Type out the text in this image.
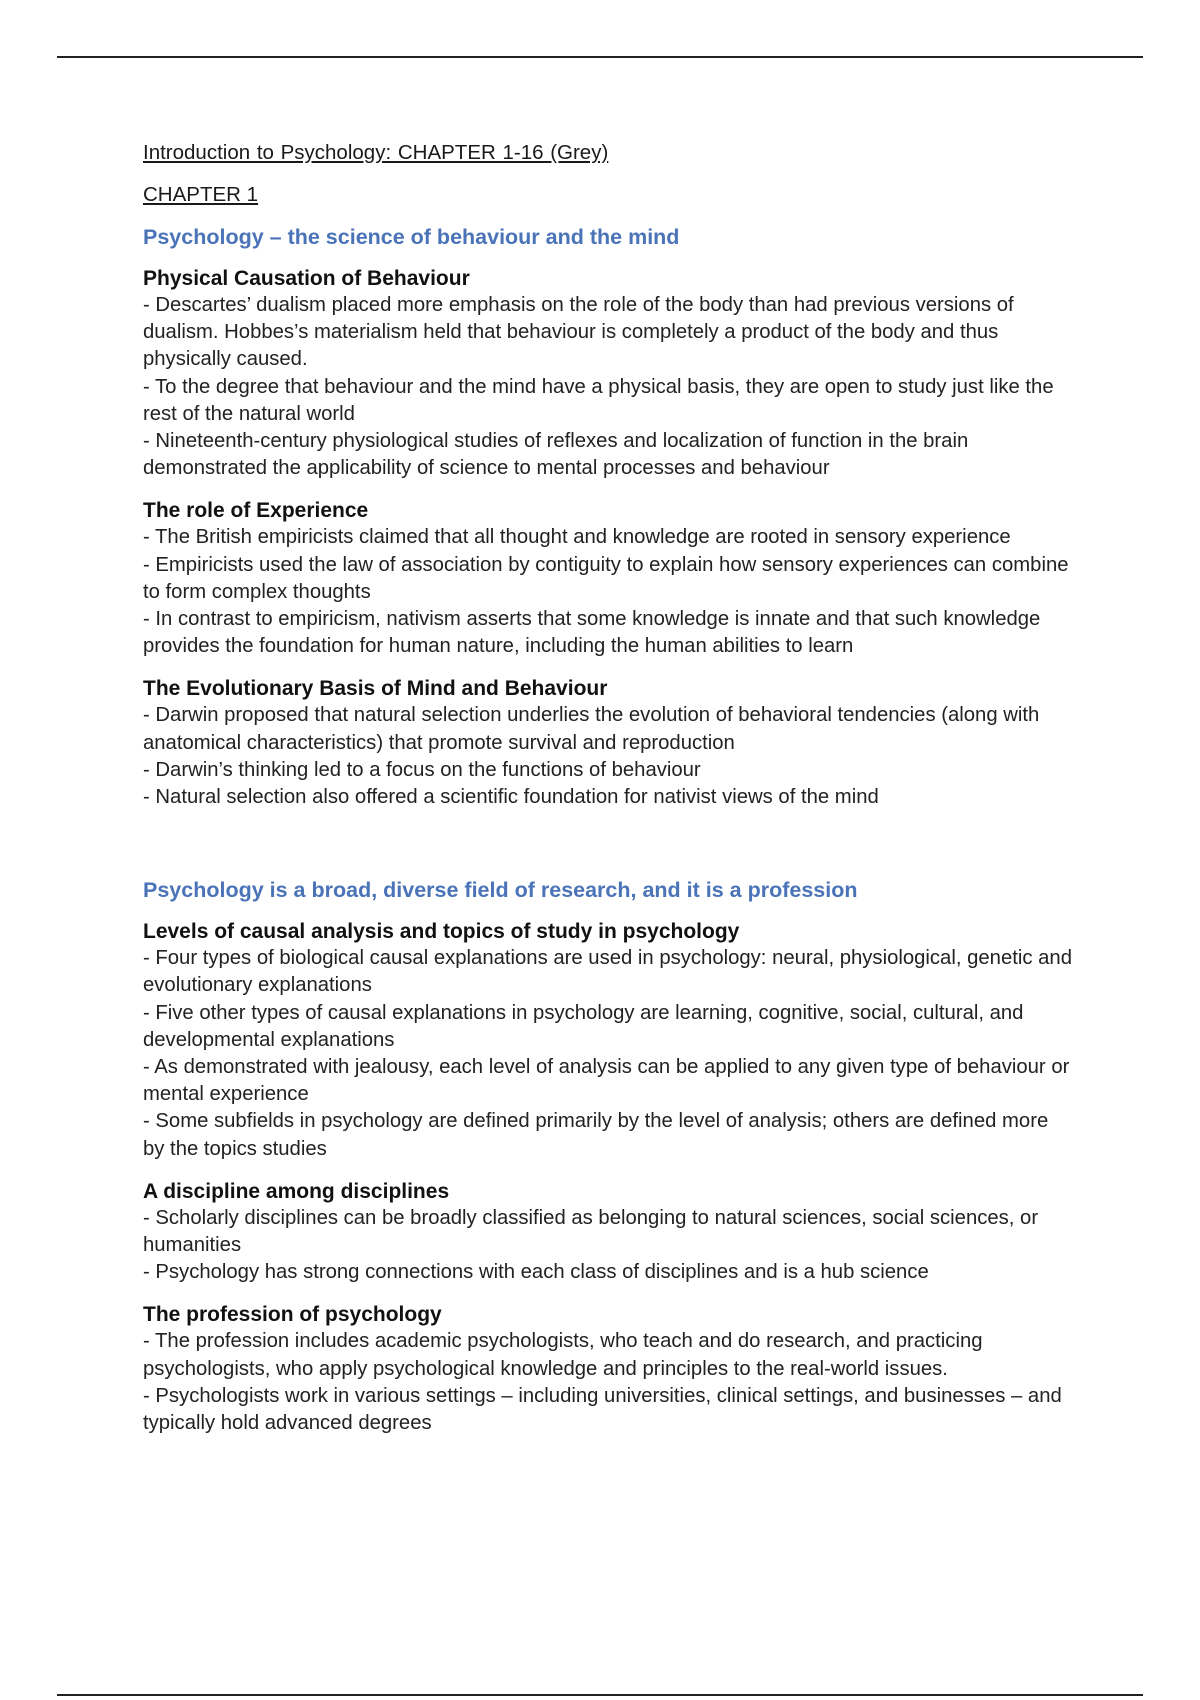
Introduction to Psychology: CHAPTER 1-16 (Grey)

CHAPTER 1

Psychology – the science of behaviour and the mind
Physical Causation of Behaviour

- Descartes’ dualism placed more emphasis on the role of the body than had previous versions of dualism. Hobbes’s materialism held that behaviour is completely a product of the body and thus physically caused.

- To the degree that behaviour and the mind have a physical basis, they are open to study just like the rest of the natural world

- Nineteenth-century physiological studies of reflexes and localization of function in the brain demonstrated the applicability of science to mental processes and behaviour

The role of Experience

- The British empiricists claimed that all thought and knowledge are rooted in sensory experience

- Empiricists used the law of association by contiguity to explain how sensory experiences can combine to form complex thoughts

- In contrast to empiricism, nativism asserts that some knowledge is innate and that such knowledge provides the foundation for human nature, including the human abilities to learn

The Evolutionary Basis of Mind and Behaviour

- Darwin proposed that natural selection underlies the evolution of behavioral tendencies (along with anatomical characteristics) that promote survival and reproduction

- Darwin’s thinking led to a focus on the functions of behaviour

- Natural selection also offered a scientific foundation for nativist views of the mind

Psychology is a broad, diverse field of research, and it is a profession
Levels of causal analysis and topics of study in psychology

- Four types of biological causal explanations are used in psychology: neural, physiological, genetic and evolutionary explanations

- Five other types of causal explanations in psychology are learning, cognitive, social, cultural, and developmental explanations

- As demonstrated with jealousy, each level of analysis can be applied to any given type of behaviour or mental experience

- Some subfields in psychology are defined primarily by the level of analysis; others are defined more by the topics studies

A discipline among disciplines

- Scholarly disciplines can be broadly classified as belonging to natural sciences, social sciences, or humanities

- Psychology has strong connections with each class of disciplines and is a hub science

The profession of psychology

- The profession includes academic psychologists, who teach and do research, and practicing psychologists, who apply psychological knowledge and principles to the real-world issues.

- Psychologists work in various settings – including universities, clinical settings, and businesses – and typically hold advanced degrees
